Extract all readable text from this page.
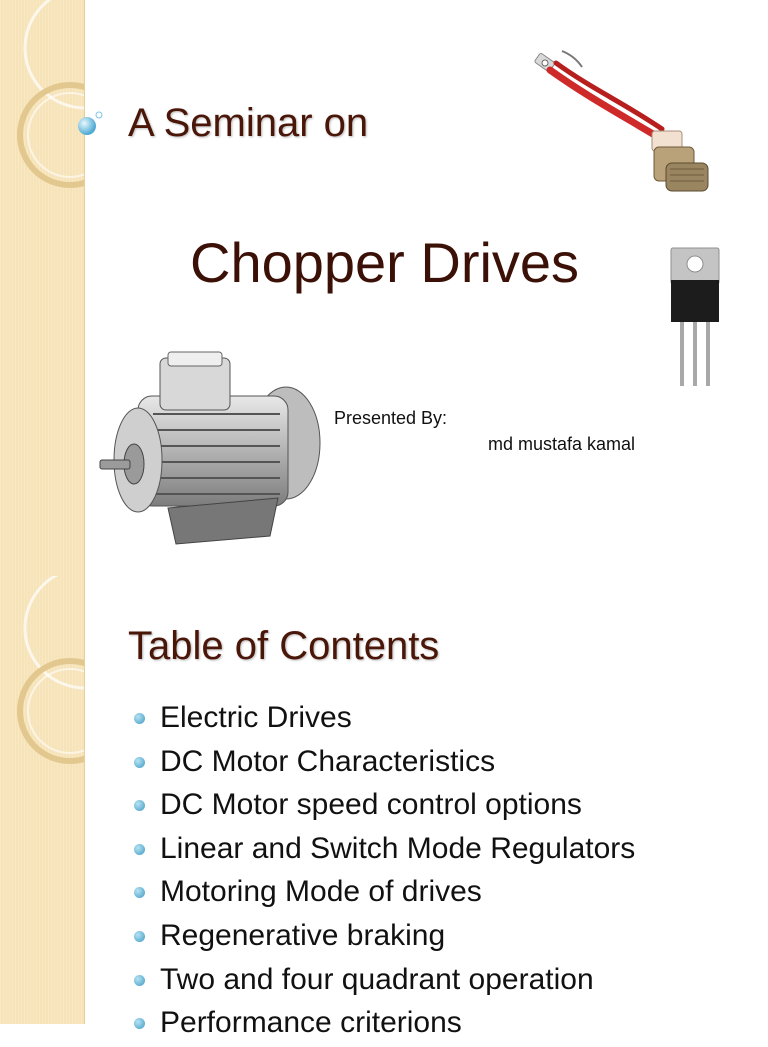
A Seminar on
Chopper Drives
Presented By:
md mustafa kamal
Table of Contents
Electric Drives
DC Motor Characteristics
DC Motor speed control options
Linear and Switch Mode Regulators
Motoring Mode of drives
Regenerative braking
Two and four quadrant operation
Performance criterions
